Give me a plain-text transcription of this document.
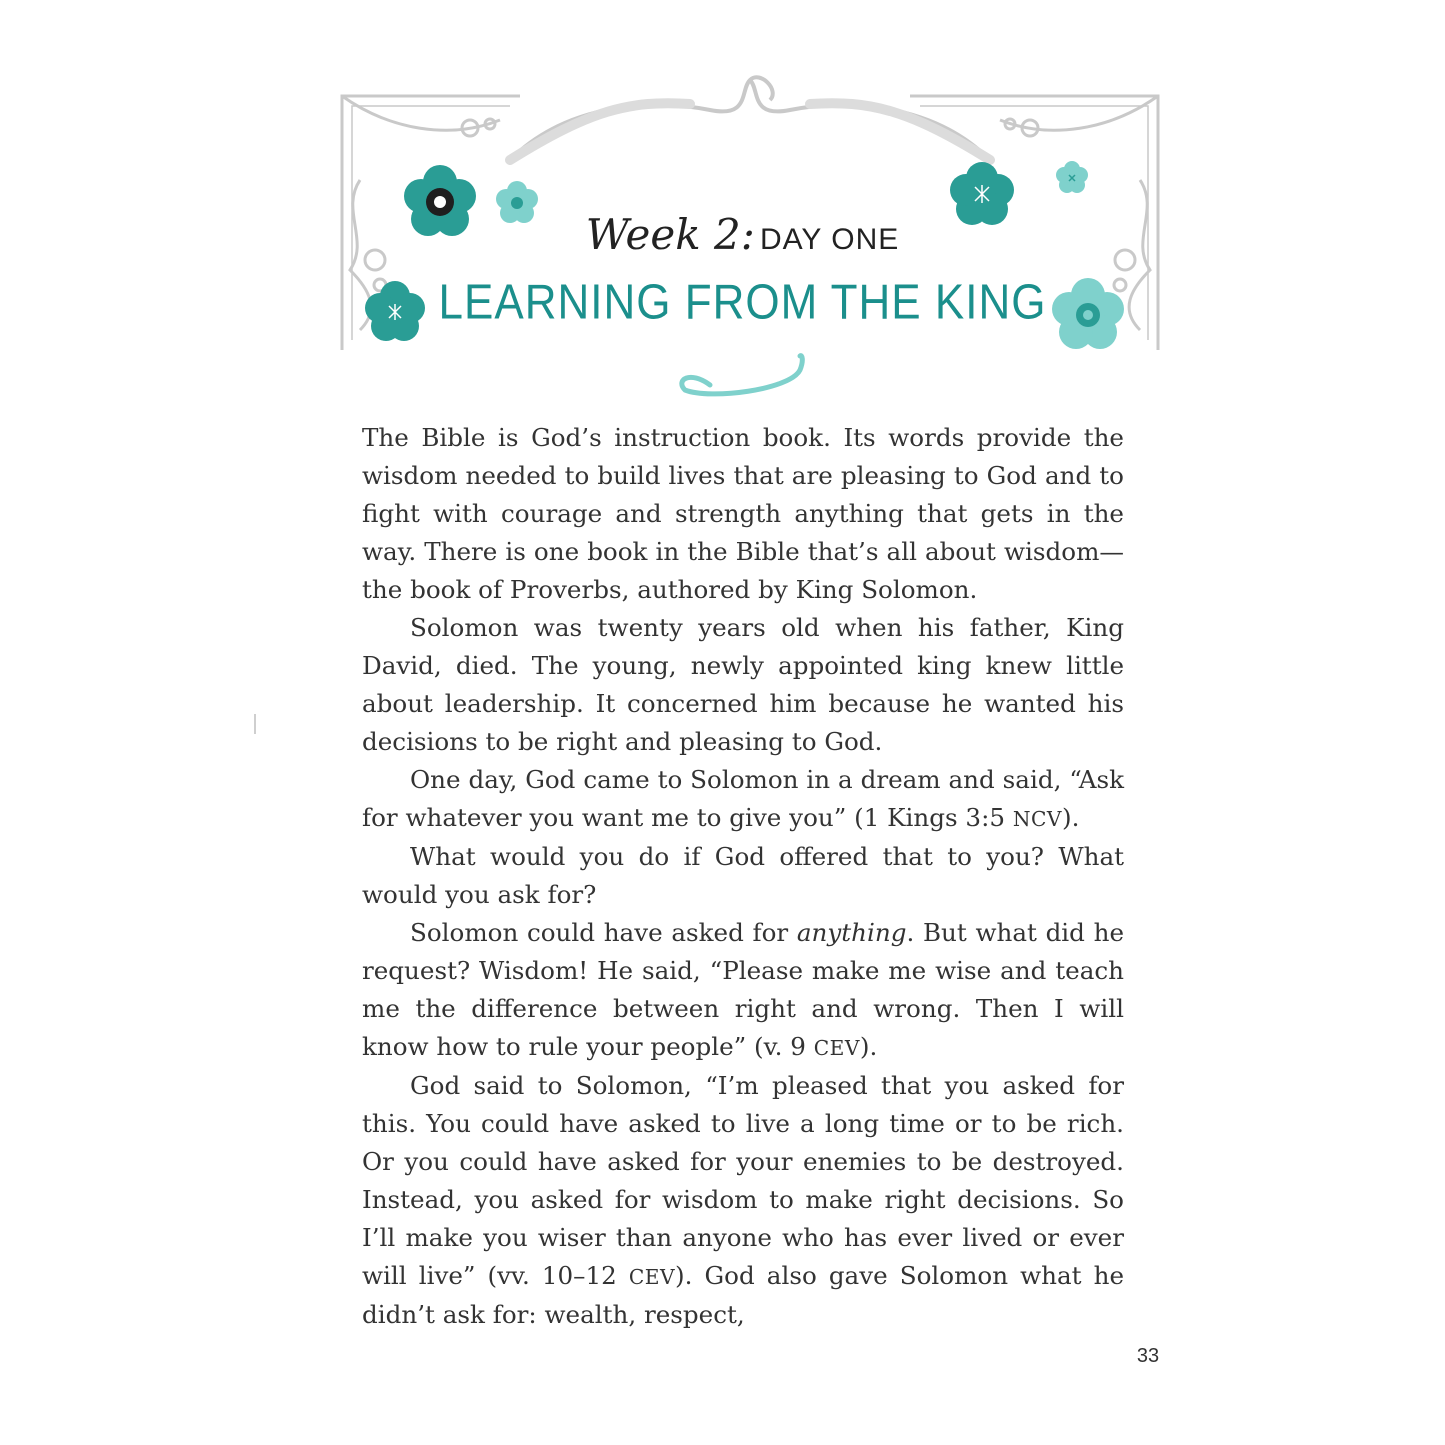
Week 2: DAY ONE
LEARNING FROM THE KING

The Bible is God’s instruction book. Its words provide the wisdom needed to build lives that are pleasing to God and to fight with courage and strength anything that gets in the way. There is one book in the Bible that’s all about wisdom—the book of Proverbs, authored by King Solomon.

Solomon was twenty years old when his father, King David, died. The young, newly appointed king knew little about leadership. It concerned him because he wanted his decisions to be right and pleasing to God.

One day, God came to Solomon in a dream and said, “Ask for whatever you want me to give you” (1 Kings 3:5 NCV).

What would you do if God offered that to you? What would you ask for?

Solomon could have asked for anything. But what did he request? Wisdom! He said, “Please make me wise and teach me the difference between right and wrong. Then I will know how to rule your people” (v. 9 CEV).

God said to Solomon, “I’m pleased that you asked for this. You could have asked to live a long time or to be rich. Or you could have asked for your enemies to be destroyed. Instead, you asked for wisdom to make right decisions. So I’ll make you wiser than anyone who has ever lived or ever will live” (vv. 10–12 CEV). God also gave Solomon what he didn’t ask for: wealth, respect,

33
